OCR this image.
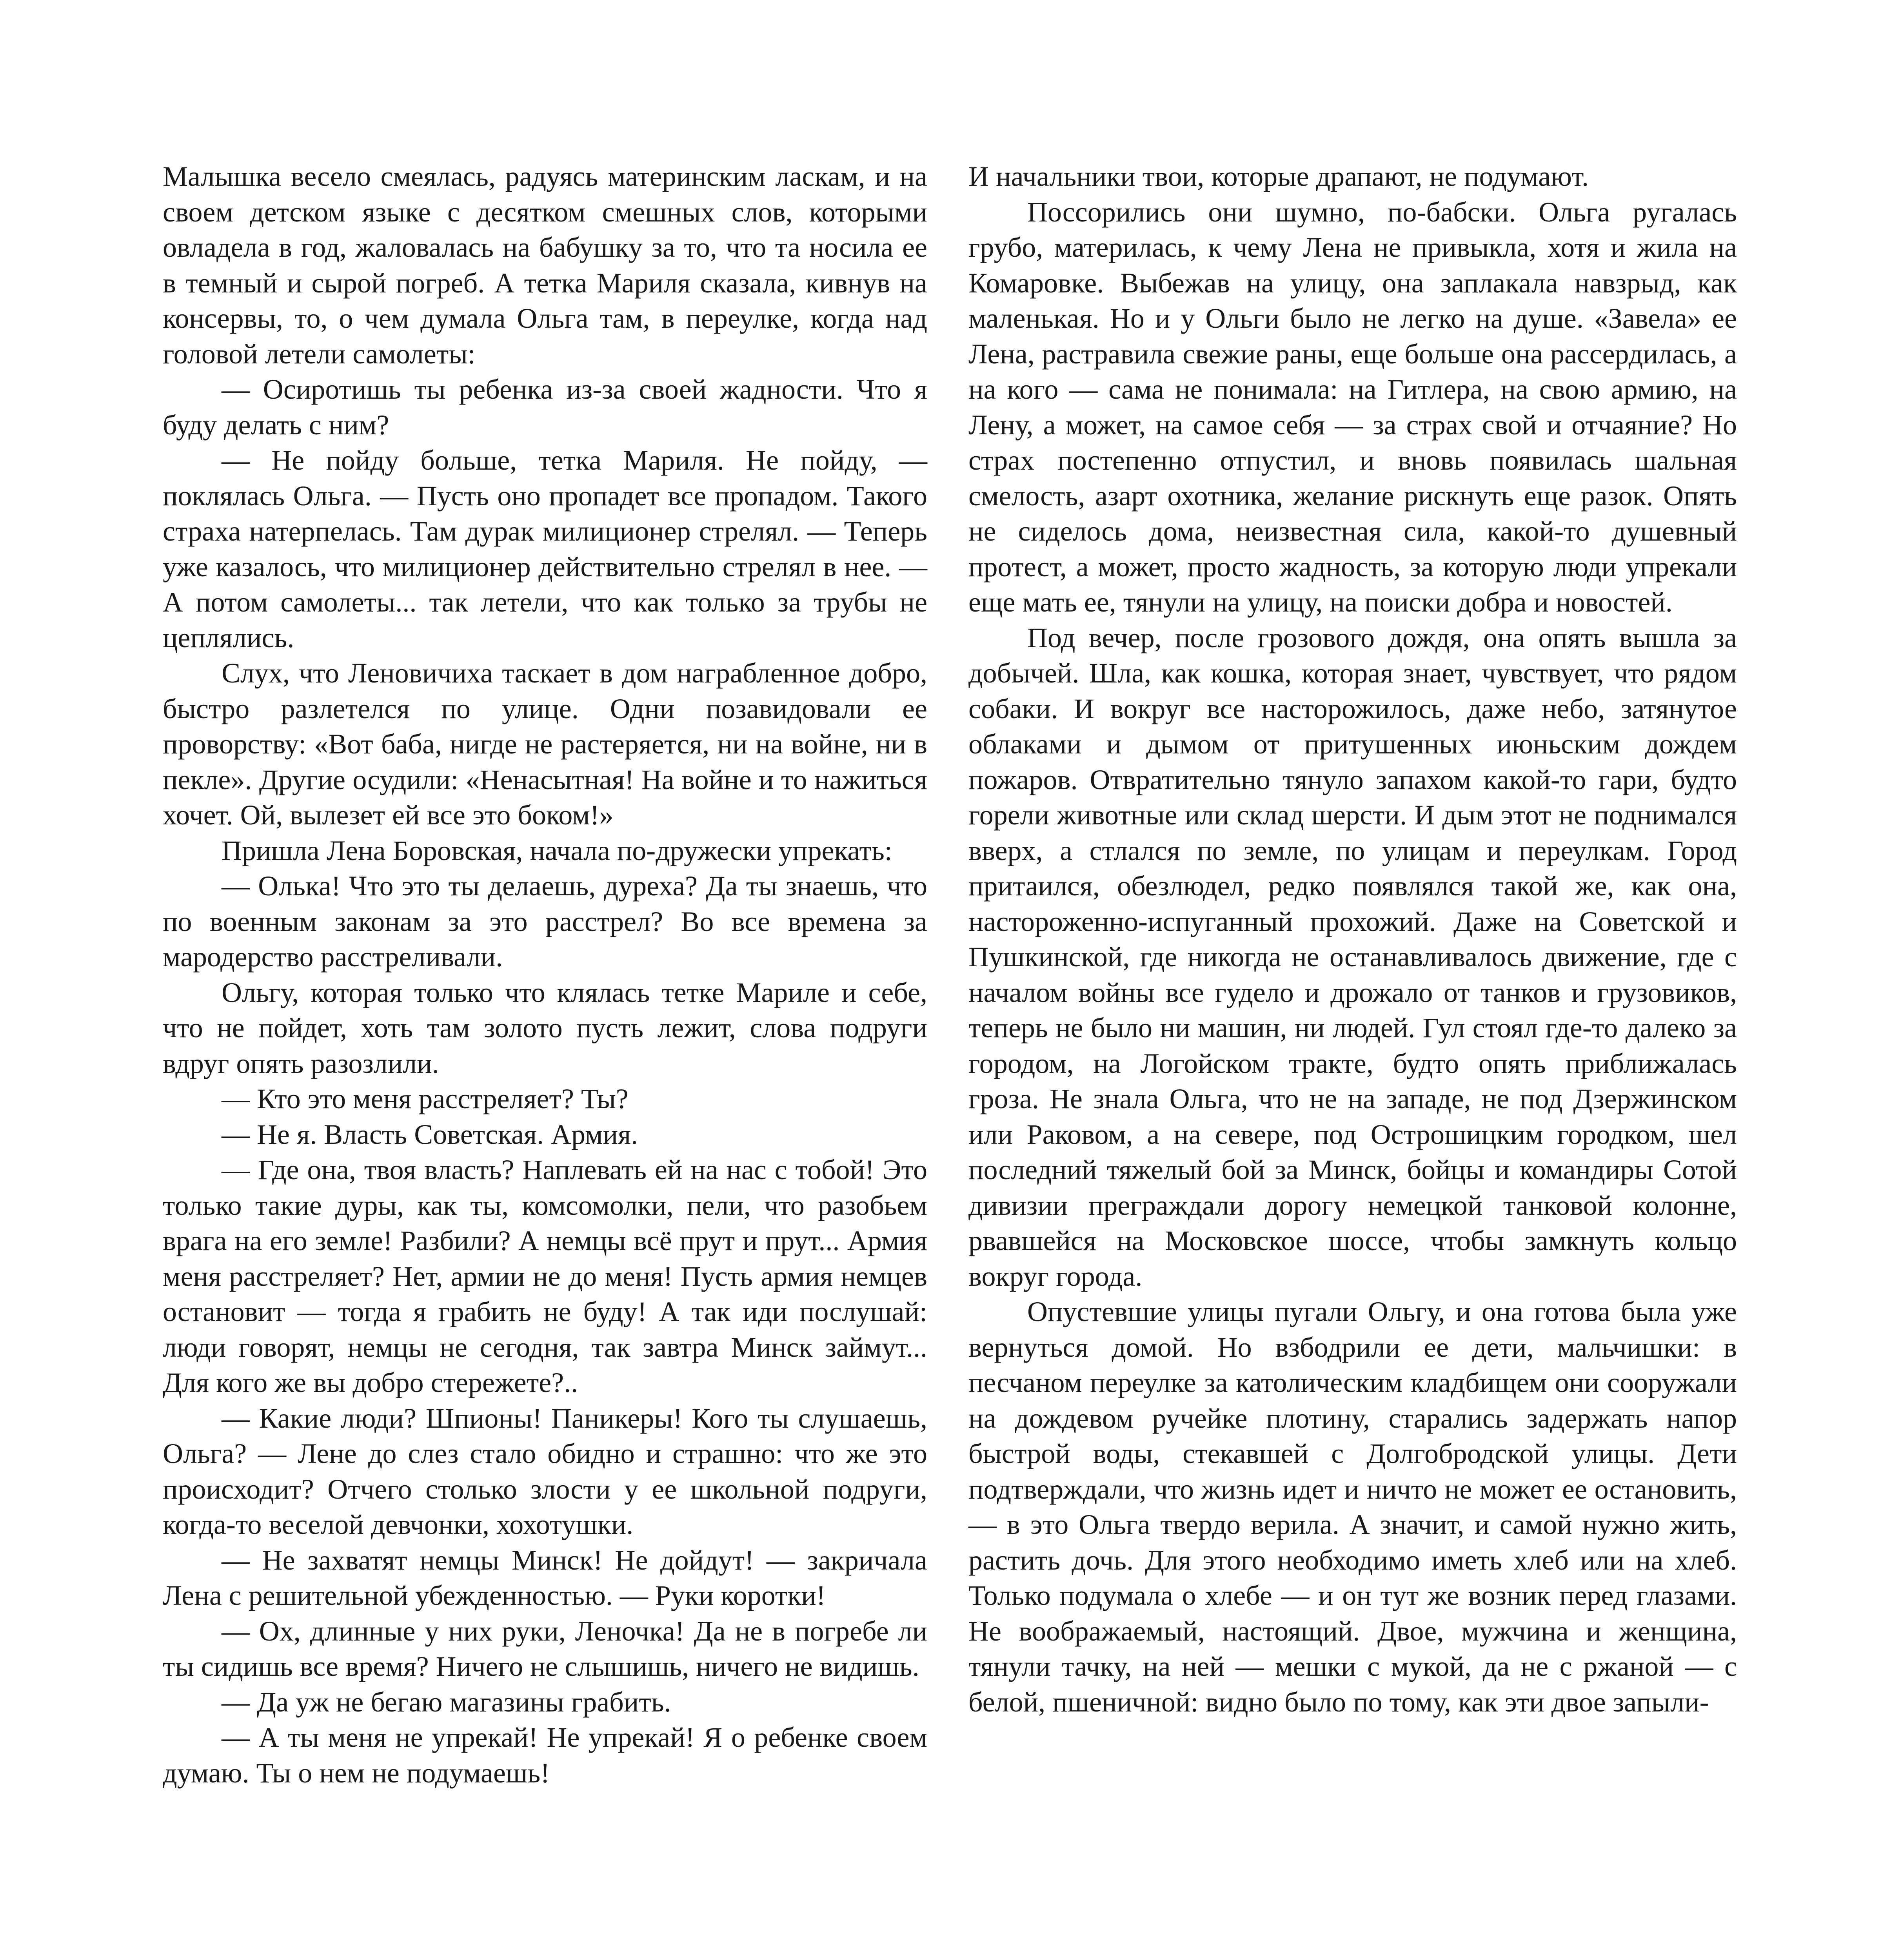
Малышка весело смеялась, радуясь материнским ласкам, и на своем детском языке с десятком смешных слов, которыми овладела в год, жаловалась на бабушку за то, что та носила ее в темный и сырой погреб. А тетка Мариля сказала, кивнув на консервы, то, о чем думала Ольга там, в переулке, когда над головой летели самолеты:

— Осиротишь ты ребенка из-за своей жадности. Что я буду делать с ним?

— Не пойду больше, тетка Мариля. Не пойду, — поклялась Ольга. — Пусть оно пропадет все пропадом. Такого страха натерпелась. Там дурак милиционер стрелял. — Теперь уже казалось, что милиционер действительно стрелял в нее. — А потом самолеты... так летели, что как только за трубы не цеплялись.

Слух, что Леновичиха таскает в дом награбленное добро, быстро разлетелся по улице. Одни позавидовали ее проворству: «Вот баба, нигде не растеряется, ни на войне, ни в пекле». Другие осудили: «Ненасытная! На войне и то нажиться хочет. Ой, вылезет ей все это боком!»

Пришла Лена Боровская, начала по-дружески упрекать:

— Олька! Что это ты делаешь, дуреха? Да ты знаешь, что по военным законам за это расстрел? Во все времена за мародерство расстреливали.

Ольгу, которая только что клялась тетке Мариле и себе, что не пойдет, хоть там золото пусть лежит, слова подруги вдруг опять разозлили.

— Кто это меня расстреляет? Ты?

— Не я. Власть Советская. Армия.

— Где она, твоя власть? Наплевать ей на нас с тобой! Это только такие дуры, как ты, комсомолки, пели, что разобьем врага на его земле! Разбили? А немцы всё прут и прут... Армия меня расстреляет? Нет, армии не до меня! Пусть армия немцев остановит — тогда я грабить не буду! А так иди послушай: люди говорят, немцы не сегодня, так завтра Минск займут... Для кого же вы добро стережете?..

— Какие люди? Шпионы! Паникеры! Кого ты слушаешь, Ольга? — Лене до слез стало обидно и страшно: что же это происходит? Отчего столько злости у ее школьной подруги, когда-то веселой девчонки, хохотушки.

— Не захватят немцы Минск! Не дойдут! — закричала Лена с решительной убежденностью. — Руки коротки!

— Ох, длинные у них руки, Леночка! Да не в погребе ли ты сидишь все время? Ничего не слышишь, ничего не видишь.

— Да уж не бегаю магазины грабить.

— А ты меня не упрекай! Не упрекай! Я о ребенке своем думаю. Ты о нем не подумаешь!

И начальники твои, которые драпают, не подумают.

Поссорились они шумно, по-бабски. Ольга ругалась грубо, материлась, к чему Лена не привыкла, хотя и жила на Комаровке. Выбежав на улицу, она заплакала навзрыд, как маленькая. Но и у Ольги было не легко на душе. «Завела» ее Лена, растравила свежие раны, еще больше она рассердилась, а на кого — сама не понимала: на Гитлера, на свою армию, на Лену, а может, на самое себя — за страх свой и отчаяние? Но страх постепенно отпустил, и вновь появилась шальная смелость, азарт охотника, желание рискнуть еще разок. Опять не сиделось дома, неизвестная сила, какой-то душевный протест, а может, просто жадность, за которую люди упрекали еще мать ее, тянули на улицу, на поиски добра и новостей.

Под вечер, после грозового дождя, она опять вышла за добычей. Шла, как кошка, которая знает, чувствует, что рядом собаки. И вокруг все насторожилось, даже небо, затянутое облаками и дымом от притушенных июньским дождем пожаров. Отвратительно тянуло запахом какой-то гари, будто горели животные или склад шерсти. И дым этот не поднимался вверх, а стлался по земле, по улицам и переулкам. Город притаился, обезлюдел, редко появлялся такой же, как она, настороженно-испуганный прохожий. Даже на Советской и Пушкинской, где никогда не останавливалось движение, где с началом войны все гудело и дрожало от танков и грузовиков, теперь не было ни машин, ни людей. Гул стоял где-то далеко за городом, на Логойском тракте, будто опять приближалась гроза. Не знала Ольга, что не на западе, не под Дзержинском или Раковом, а на севере, под Острошицким городком, шел последний тяжелый бой за Минск, бойцы и командиры Сотой дивизии преграждали дорогу немецкой танковой колонне, рвавшейся на Московское шоссе, чтобы замкнуть кольцо вокруг города.

Опустевшие улицы пугали Ольгу, и она готова была уже вернуться домой. Но взбодрили ее дети, мальчишки: в песчаном переулке за католическим кладбищем они сооружали на дождевом ручейке плотину, старались задержать напор быстрой воды, стекавшей с Долгобродской улицы. Дети подтверждали, что жизнь идет и ничто не может ее остановить, — в это Ольга твердо верила. А значит, и самой нужно жить, растить дочь. Для этого необходимо иметь хлеб или на хлеб. Только подумала о хлебе — и он тут же возник перед глазами. Не воображаемый, настоящий. Двое, мужчина и женщина, тянули тачку, на ней — мешки с мукой, да не с ржаной — с белой, пшеничной: видно было по тому, как эти двое запыли-
